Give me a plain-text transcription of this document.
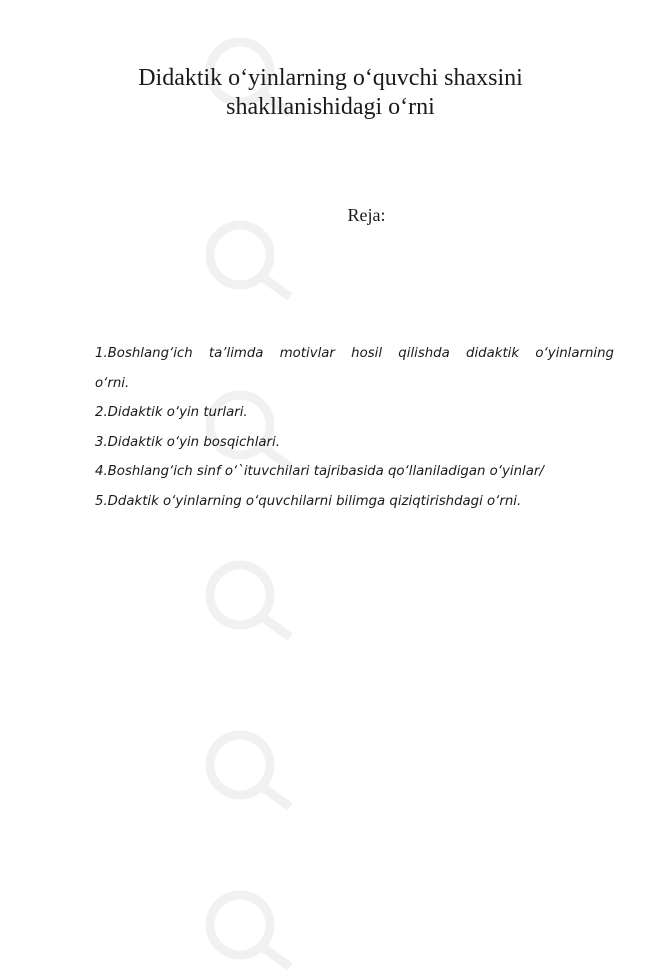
Didaktik o‘yinlarning o‘quvchi shaxsini
shakllanishidagi o‘rni
Reja:
1.Boshlang‘ich ta’limda motivlar hosil qilishda didaktik o‘yinlarning
o‘rni.
2.Didaktik o‘yin turlari.
3.Didaktik o‘yin bosqichlari.
4.Boshlang‘ich sinf o‘`ituvchilari tajribasida qo‘llaniladigan o‘yinlar/
5.Ddaktik o‘yinlarning o‘quvchilarni bilimga qiziqtirishdagi o‘rni.
